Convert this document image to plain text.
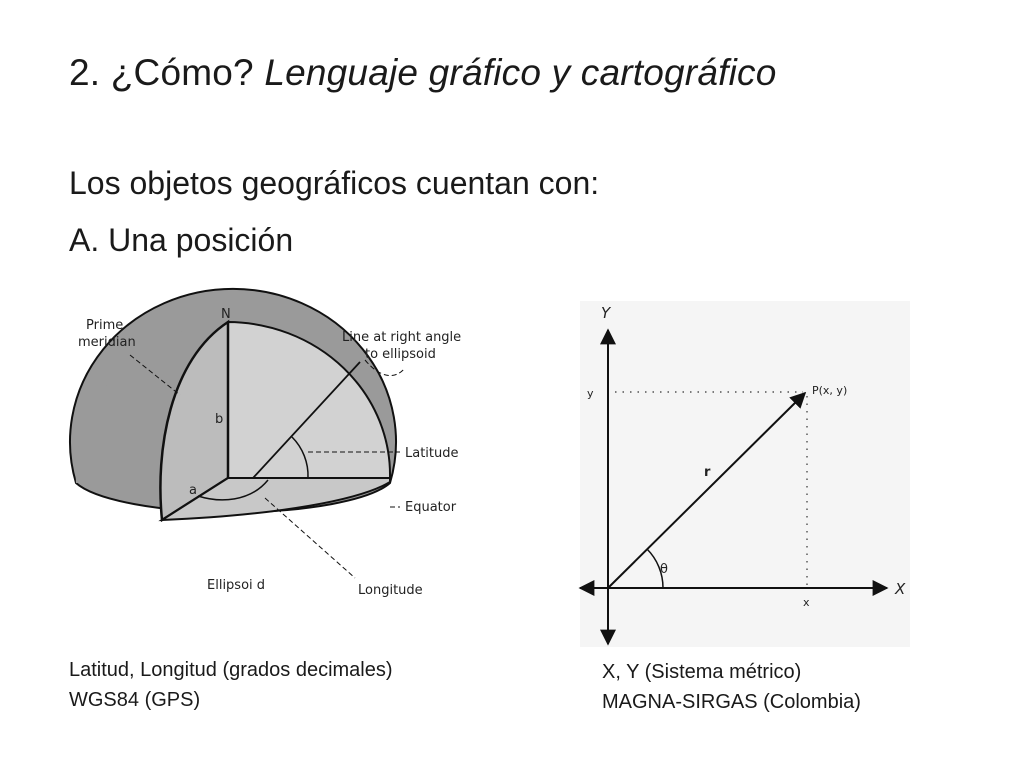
2. ¿Cómo? Lenguaje gráfico y cartográfico

Los objetos geográficos cuentan con:

A. Una posición

N
Prime
meridian	Line at right angle
to ellipsoid
b
a
Latitude
Equator
Longitude
Ellipsoi d
Y
X
y
x
P(x, y)
r
θ
Latitud, Longitud (grados decimales)
WGS84 (GPS)
X, Y (Sistema métrico)
MAGNA-SIRGAS (Colombia)
